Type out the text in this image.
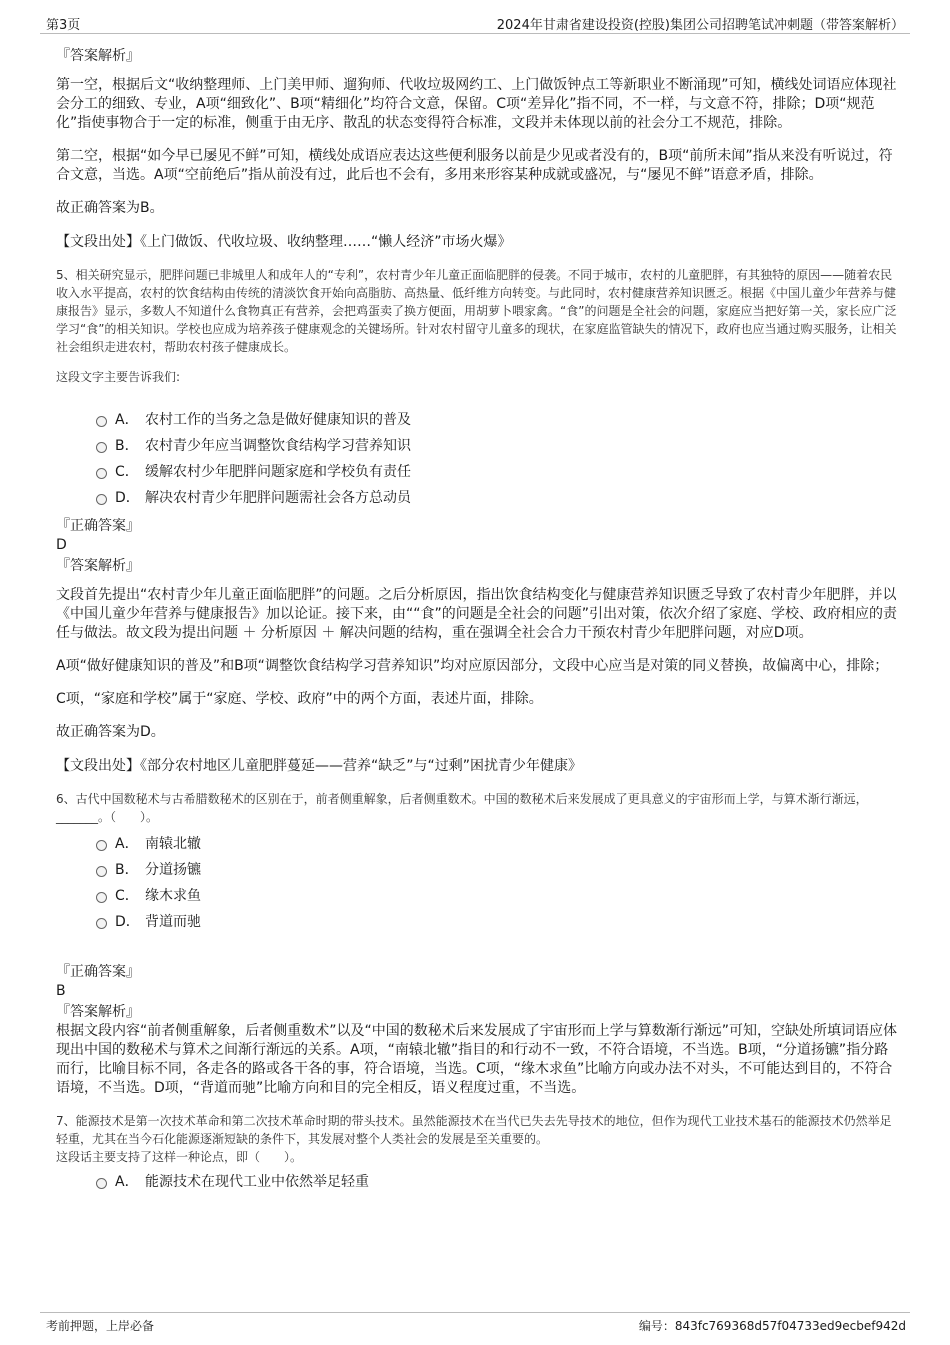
第3页	2024年甘肃省建设投资(控股)集团公司招聘笔试冲刺题（带答案解析）
『答案解析』
第一空，根据后文“收纳整理师、上门美甲师、遛狗师、代收垃圾网约工、上门做饭钟点工等新职业不断涌现”可知，横线处词语应体现社会分工的细致、专业，A项“细致化”、B项“精细化”均符合文意，保留。C项“差异化”指不同，不一样，与文意不符，排除；D项“规范化”指使事物合于一定的标准，侧重于由无序、散乱的状态变得符合标准，文段并未体现以前的社会分工不规范，排除。
第二空，根据“如今早已屡见不鲜”可知，横线处成语应表达这些便利服务以前是少见或者没有的，B项“前所未闻”指从来没有听说过，符合文意，当选。A项“空前绝后”指从前没有过，此后也不会有，多用来形容某种成就或盛况，与“屡见不鲜”语意矛盾，排除。
故正确答案为B。
【文段出处】《上门做饭、代收垃圾、收纳整理……“懒人经济”市场火爆》
5、相关研究显示，肥胖问题已非城里人和成年人的“专利”，农村青少年儿童正面临肥胖的侵袭。不同于城市，农村的儿童肥胖，有其独特的原因——随着农民收入水平提高，农村的饮食结构由传统的清淡饮食开始向高脂肪、高热量、低纤维方向转变。与此同时，农村健康营养知识匮乏。根据《中国儿童少年营养与健康报告》显示，多数人不知道什么食物真正有营养，会把鸡蛋卖了换方便面，用胡萝卜喂家禽。“食”的问题是全社会的问题，家庭应当把好第一关，家长应广泛学习“食”的相关知识。学校也应成为培养孩子健康观念的关键场所。针对农村留守儿童多的现状，在家庭监管缺失的情况下，政府也应当通过购买服务，让相关社会组织走进农村，帮助农村孩子健康成长。
这段文字主要告诉我们:
A． 农村工作的当务之急是做好健康知识的普及
B． 农村青少年应当调整饮食结构学习营养知识
C． 缓解农村少年肥胖问题家庭和学校负有责任
D． 解决农村青少年肥胖问题需社会各方总动员
『正确答案』
D
『答案解析』
文段首先提出“农村青少年儿童正面临肥胖”的问题。之后分析原因，指出饮食结构变化与健康营养知识匮乏导致了农村青少年肥胖，并以《中国儿童少年营养与健康报告》加以论证。接下来，由““食”的问题是全社会的问题”引出对策，依次介绍了家庭、学校、政府相应的责任与做法。故文段为提出问题 ＋ 分析原因 ＋ 解决问题的结构，重在强调全社会合力干预农村青少年肥胖问题，对应D项。
A项“做好健康知识的普及”和B项“调整饮食结构学习营养知识”均对应原因部分，文段中心应当是对策的同义替换，故偏离中心，排除；
C项，“家庭和学校”属于“家庭、学校、政府”中的两个方面，表述片面，排除。
故正确答案为D。
【文段出处】《部分农村地区儿童肥胖蔓延——营养“缺乏”与“过剩”困扰青少年健康》
6、古代中国数秘术与古希腊数秘术的区别在于，前者侧重解象，后者侧重数术。中国的数秘术后来发展成了更具意义的宇宙形而上学，与算术渐行渐远，_______。（　　）。
A． 南辕北辙
B． 分道扬镳
C． 缘木求鱼
D． 背道而驰
『正确答案』
B
『答案解析』
根据文段内容“前者侧重解象，后者侧重数术”以及“中国的数秘术后来发展成了宇宙形而上学与算数渐行渐远”可知，空缺处所填词语应体现出中国的数秘术与算术之间渐行渐远的关系。A项，“南辕北辙”指目的和行动不一致，不符合语境，不当选。B项，“分道扬镳”指分路而行，比喻目标不同，各走各的路或各干各的事，符合语境，当选。C项，“缘木求鱼”比喻方向或办法不对头，不可能达到目的，不符合语境，不当选。D项，“背道而驰”比喻方向和目的完全相反，语义程度过重，不当选。
7、能源技术是第一次技术革命和第二次技术革命时期的带头技术。虽然能源技术在当代已失去先导技术的地位，但作为现代工业技术基石的能源技术仍然举足轻重，尤其在当今石化能源逐渐短缺的条件下，其发展对整个人类社会的发展是至关重要的。
这段话主要支持了这样一种论点，即（　　）。
A． 能源技术在现代工业中依然举足轻重
考前押题，上岸必备	编号：843fc769368d57f04733ed9ecbef942d
